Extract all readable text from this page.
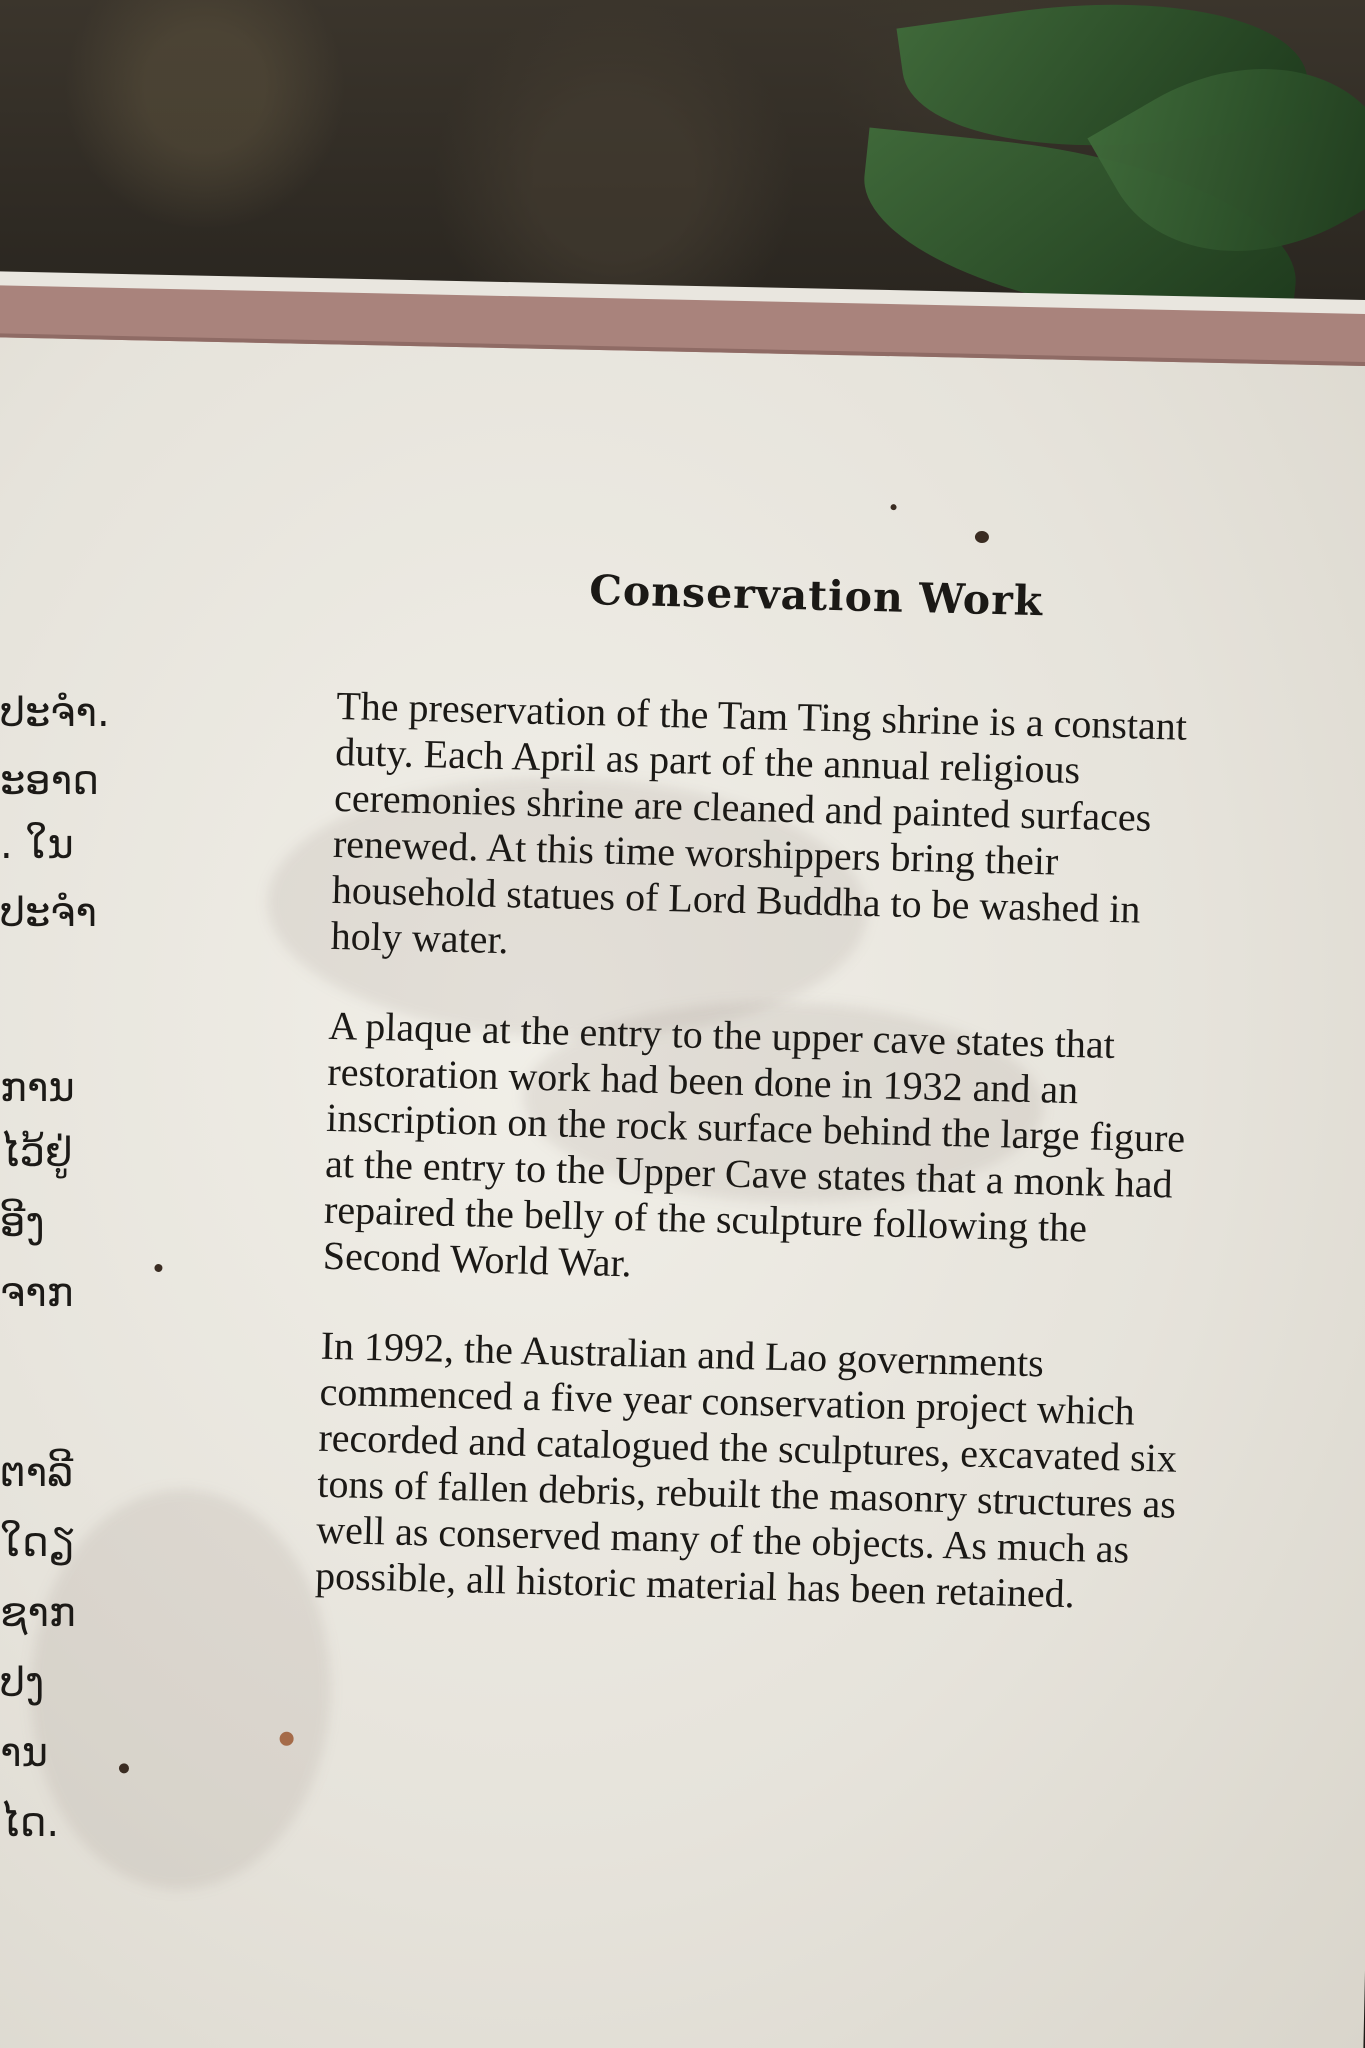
ປະຈຳ.
ະອາດ
. ໃນ
ປະຈຳ
ການ
ໄວ້ຢູ່
ອີງ
ຈາກ
ຕາລີ
ໃດຽ
ຊາກ
ປງ
ານ
ໄດ.
Conservation Work

The preservation of the Tam Ting shrine is a constant duty. Each April as part of the annual religious ceremonies shrine are cleaned and painted surfaces renewed. At this time worshippers bring their household statues of Lord Buddha to be washed in holy water.

A plaque at the entry to the upper cave states that restoration work had been done in 1932 and an inscription on the rock surface behind the large figure at the entry to the Upper Cave states that a monk had repaired the belly of the sculpture following the Second World War.

In 1992, the Australian and Lao governments commenced a five year conservation project which recorded and catalogued the sculptures, excavated six tons of fallen debris, rebuilt the masonry structures as well as conserved many of the objects. As much as possible, all historic material has been retained.
